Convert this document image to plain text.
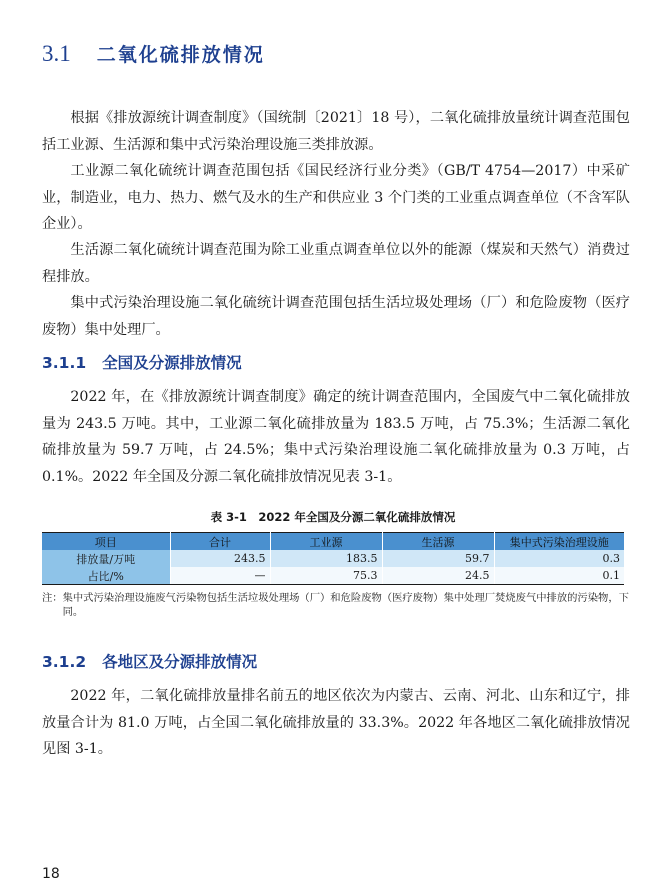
3.1 二氧化硫排放情况

根据《排放源统计调查制度》（国统制〔2021〕18 号），二氧化硫排放量统计调查范围包括工业源、生活源和集中式污染治理设施三类排放源。

工业源二氧化硫统计调查范围包括《国民经济行业分类》（GB/T 4754—2017）中采矿业，制造业，电力、热力、燃气及水的生产和供应业 3 个门类的工业重点调查单位（不含军队企业）。

生活源二氧化硫统计调查范围为除工业重点调查单位以外的能源（煤炭和天然气）消费过程排放。

集中式污染治理设施二氧化硫统计调查范围包括生活垃圾处理场（厂）和危险废物（医疗废物）集中处理厂。

3.1.1 全国及分源排放情况

2022 年，在《排放源统计调查制度》确定的统计调查范围内，全国废气中二氧化硫排放量为 243.5 万吨。其中，工业源二氧化硫排放量为 183.5 万吨，占 75.3%；生活源二氧化硫排放量为 59.7 万吨，占 24.5%；集中式污染治理设施二氧化硫排放量为 0.3 万吨，占 0.1%。2022 年全国及分源二氧化硫排放情况见表 3-1。

表 3-1　2022 年全国及分源二氧化硫排放情况
项目	合计	工业源	生活源	集中式污染治理设施
排放量/万吨	243.5	183.5	59.7	0.3
占比/%	—	75.3	24.5	0.1
注： 集中式污染治理设施废气污染物包括生活垃圾处理场（厂）和危险废物（医疗废物）集中处理厂焚烧废气中排放的污染物，下同。
3.1.2 各地区及分源排放情况

2022 年，二氧化硫排放量排名前五的地区依次为内蒙古、云南、河北、山东和辽宁，排放量合计为 81.0 万吨，占全国二氧化硫排放量的 33.3%。2022 年各地区二氧化硫排放情况见图 3-1。

18
